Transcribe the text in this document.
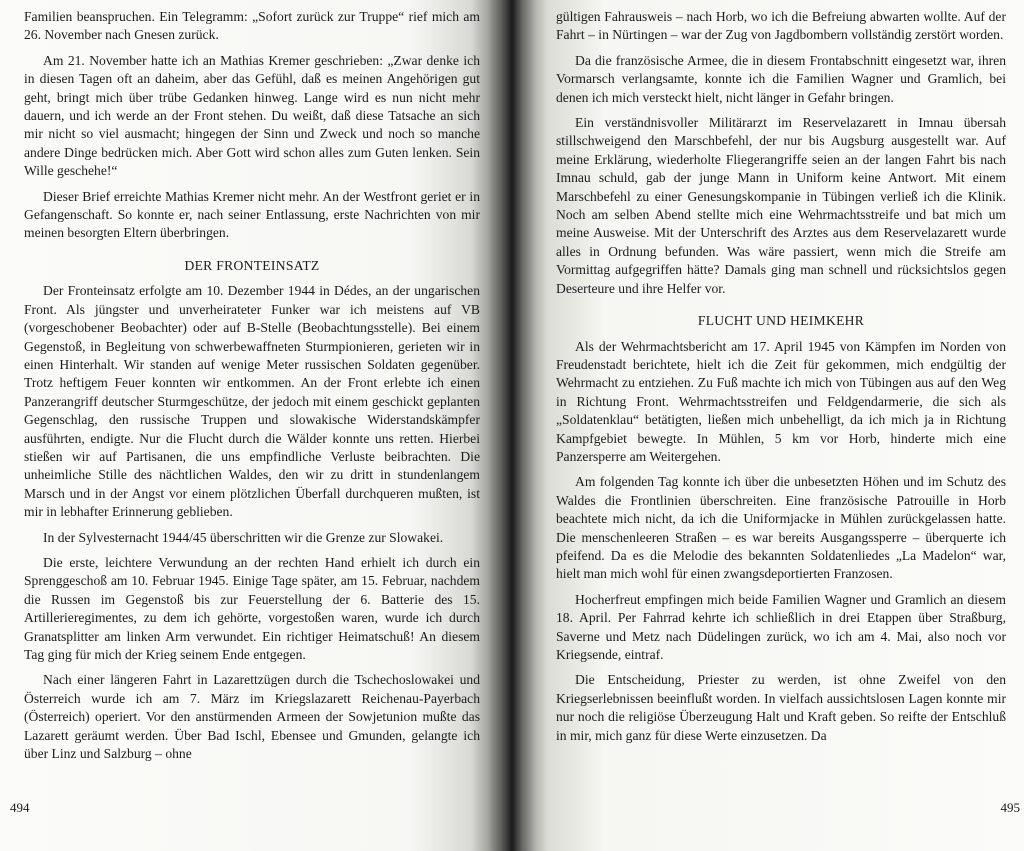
Familien beanspruchen. Ein Telegramm: „Sofort zurück zur Truppe“ rief mich am 26. November nach Gnesen zurück.

Am 21. November hatte ich an Mathias Kremer geschrieben: „Zwar denke ich in diesen Tagen oft an daheim, aber das Gefühl, daß es meinen Angehörigen gut geht, bringt mich über trübe Gedanken hinweg. Lange wird es nun nicht mehr dauern, und ich werde an der Front stehen. Du weißt, daß diese Tatsache an sich mir nicht so viel ausmacht; hingegen der Sinn und Zweck und noch so manche andere Dinge bedrücken mich. Aber Gott wird schon alles zum Guten lenken. Sein Wille geschehe!“

Dieser Brief erreichte Mathias Kremer nicht mehr. An der Westfront geriet er in Gefangenschaft. So konnte er, nach seiner Entlassung, erste Nachrichten von mir meinen besorgten Eltern überbringen.

DER FRONTEINSATZ

Der Fronteinsatz erfolgte am 10. Dezember 1944 in Dédes, an der ungarischen Front. Als jüngster und unverheirateter Funker war ich meistens auf VB (vorgeschobener Beobachter) oder auf B-Stelle (Beobachtungsstelle). Bei einem Gegenstoß, in Begleitung von schwerbewaffneten Sturmpionieren, gerieten wir in einen Hinterhalt. Wir standen auf wenige Meter russischen Soldaten gegenüber. Trotz heftigem Feuer konnten wir entkommen. An der Front erlebte ich einen Panzerangriff deutscher Sturmgeschütze, der jedoch mit einem geschickt geplanten Gegenschlag, den russische Truppen und slowakische Widerstandskämpfer ausführten, endigte. Nur die Flucht durch die Wälder konnte uns retten. Hierbei stießen wir auf Partisanen, die uns empfindliche Verluste beibrachten. Die unheimliche Stille des nächtlichen Waldes, den wir zu dritt in stundenlangem Marsch und in der Angst vor einem plötzlichen Überfall durchqueren mußten, ist mir in lebhafter Erinnerung geblieben.

In der Sylvesternacht 1944/45 überschritten wir die Grenze zur Slowakei.

Die erste, leichtere Verwundung an der rechten Hand erhielt ich durch ein Sprenggeschoß am 10. Februar 1945. Einige Tage später, am 15. Februar, nachdem die Russen im Gegenstoß bis zur Feuerstellung der 6. Batterie des 15. Artillerieregimentes, zu dem ich gehörte, vorgestoßen waren, wurde ich durch Granatsplitter am linken Arm verwundet. Ein richtiger Heimatschuß! An diesem Tag ging für mich der Krieg seinem Ende entgegen.

Nach einer längeren Fahrt in Lazarettzügen durch die Tschechoslowakei und Österreich wurde ich am 7. März im Kriegslazarett Reichenau-Payerbach (Österreich) operiert. Vor den anstürmenden Armeen der Sowjetunion mußte das Lazarett geräumt werden. Über Bad Ischl, Ebensee und Gmunden, gelangte ich über Linz und Salzburg – ohne

494

gültigen Fahrausweis – nach Horb, wo ich die Befreiung abwarten wollte. Auf der Fahrt – in Nürtingen – war der Zug von Jagdbombern vollständig zerstört worden.

Da die französische Armee, die in diesem Frontabschnitt eingesetzt war, ihren Vormarsch verlangsamte, konnte ich die Familien Wagner und Gramlich, bei denen ich mich versteckt hielt, nicht länger in Gefahr bringen.

Ein verständnisvoller Militärarzt im Reservelazarett in Imnau übersah stillschweigend den Marschbefehl, der nur bis Augsburg ausgestellt war. Auf meine Erklärung, wiederholte Fliegerangriffe seien an der langen Fahrt bis nach Imnau schuld, gab der junge Mann in Uniform keine Antwort. Mit einem Marschbefehl zu einer Genesungskompanie in Tübingen verließ ich die Klinik. Noch am selben Abend stellte mich eine Wehrmachtsstreife und bat mich um meine Ausweise. Mit der Unterschrift des Arztes aus dem Reservelazarett wurde alles in Ordnung befunden. Was wäre passiert, wenn mich die Streife am Vormittag aufgegriffen hätte? Damals ging man schnell und rücksichtslos gegen Deserteure und ihre Helfer vor.

FLUCHT UND HEIMKEHR

Als der Wehrmachtsbericht am 17. April 1945 von Kämpfen im Norden von Freudenstadt berichtete, hielt ich die Zeit für gekommen, mich endgültig der Wehrmacht zu entziehen. Zu Fuß machte ich mich von Tübingen aus auf den Weg in Richtung Front. Wehrmachtsstreifen und Feldgendarmerie, die sich als „Soldatenklau“ betätigten, ließen mich unbehelligt, da ich mich ja in Richtung Kampfgebiet bewegte. In Mühlen, 5 km vor Horb, hinderte mich eine Panzersperre am Weitergehen.

Am folgenden Tag konnte ich über die unbesetzten Höhen und im Schutz des Waldes die Frontlinien überschreiten. Eine französische Patrouille in Horb beachtete mich nicht, da ich die Uniformjacke in Mühlen zurückgelassen hatte. Die menschenleeren Straßen – es war bereits Ausgangssperre – überquerte ich pfeifend. Da es die Melodie des bekannten Soldatenliedes „La Madelon“ war, hielt man mich wohl für einen zwangsdeportierten Franzosen.

Hocherfreut empfingen mich beide Familien Wagner und Gramlich an diesem 18. April. Per Fahrrad kehrte ich schließlich in drei Etappen über Straßburg, Saverne und Metz nach Düdelingen zurück, wo ich am 4. Mai, also noch vor Kriegsende, eintraf.

Die Entscheidung, Priester zu werden, ist ohne Zweifel von den Kriegserlebnissen beeinflußt worden. In vielfach aussichtslosen Lagen konnte mir nur noch die religiöse Überzeugung Halt und Kraft geben. So reifte der Entschluß in mir, mich ganz für diese Werte einzusetzen. Da

495
